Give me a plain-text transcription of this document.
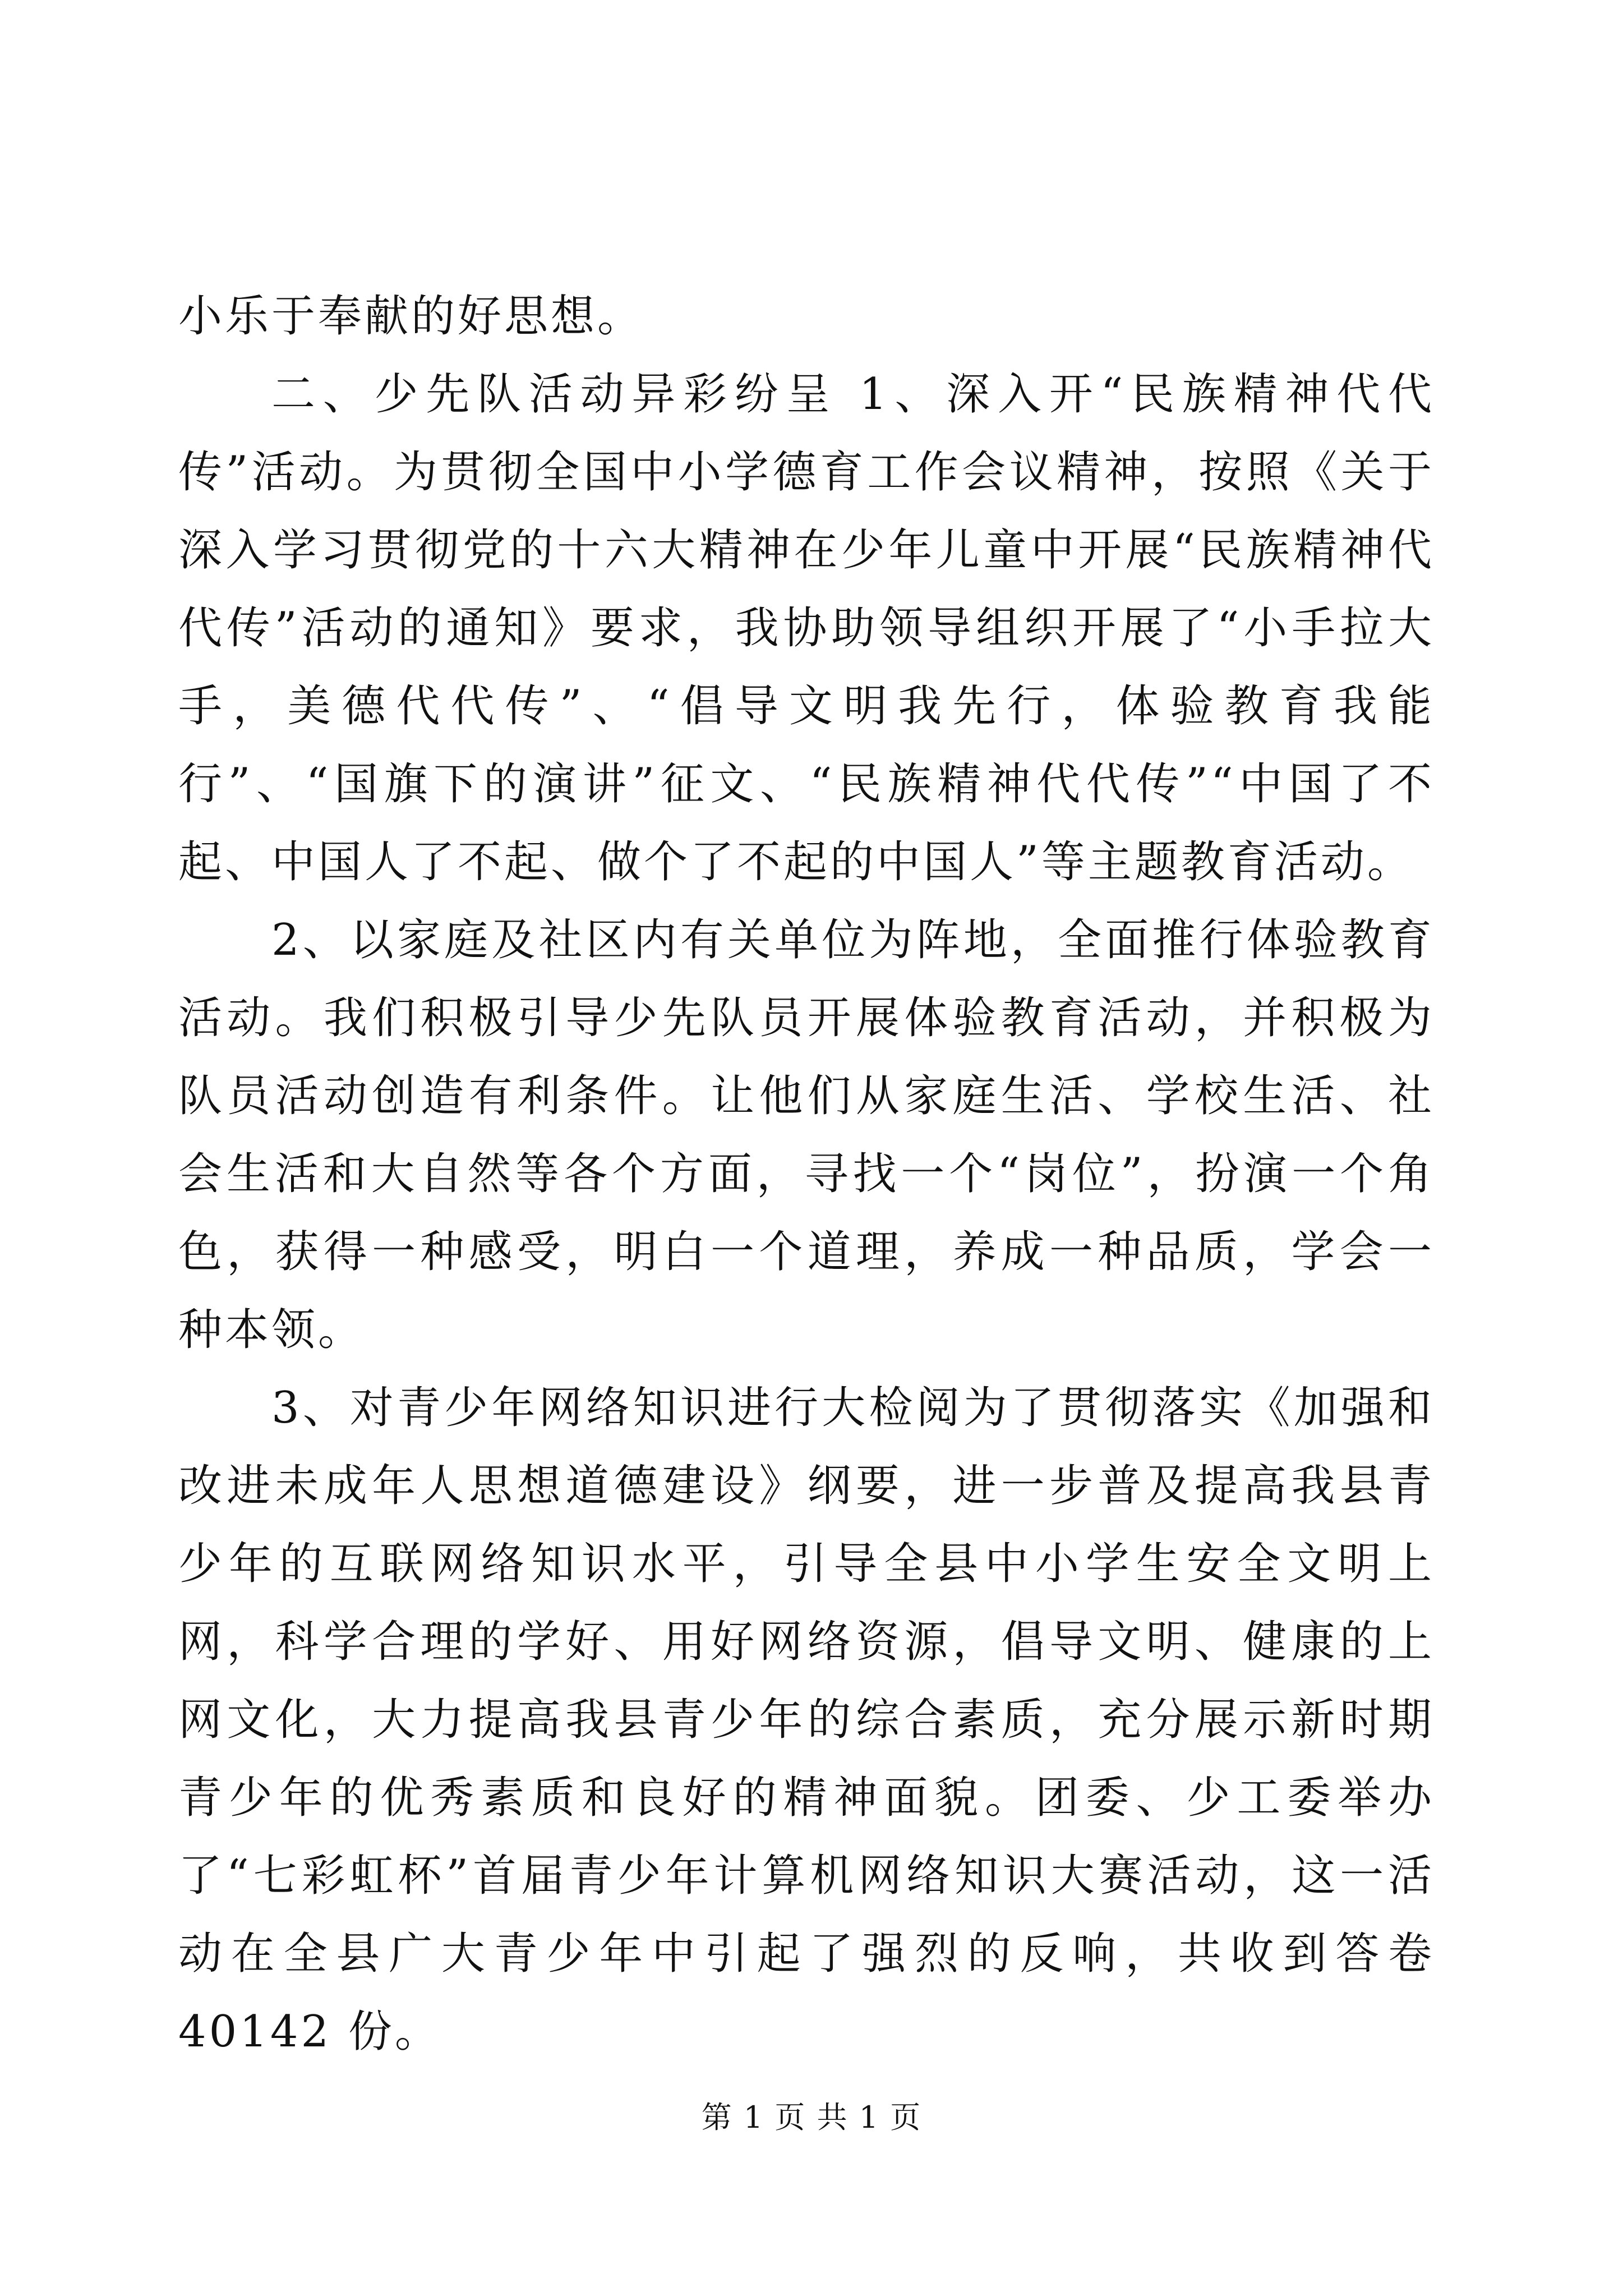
小乐于奉献的好思想。

二、少先队活动异彩纷呈 1、深入开“民族精神代代传”活动。为贯彻全国中小学德育工作会议精神，按照《关于深入学习贯彻党的十六大精神在少年儿童中开展“民族精神代代传”活动的通知》要求，我协助领导组织开展了“小手拉大手，美德代代传”、“倡导文明我先行，体验教育我能行”、“国旗下的演讲”征文、“民族精神代代传”“中国了不起、中国人了不起、做个了不起的中国人”等主题教育活动。

2、以家庭及社区内有关单位为阵地，全面推行体验教育活动。我们积极引导少先队员开展体验教育活动，并积极为队员活动创造有利条件。让他们从家庭生活、学校生活、社会生活和大自然等各个方面，寻找一个“岗位”，扮演一个角色，获得一种感受，明白一个道理，养成一种品质，学会一种本领。

3、对青少年网络知识进行大检阅为了贯彻落实《加强和改进未成年人思想道德建设》纲要，进一步普及提高我县青少年的互联网络知识水平，引导全县中小学生安全文明上网，科学合理的学好、用好网络资源，倡导文明、健康的上网文化，大力提高我县青少年的综合素质，充分展示新时期青少年的优秀素质和良好的精神面貌。团委、少工委举办了“七彩虹杯”首届青少年计算机网络知识大赛活动，这一活动在全县广大青少年中引起了强烈的反响，共收到答卷 40142 份。

第 1 页 共 1 页
